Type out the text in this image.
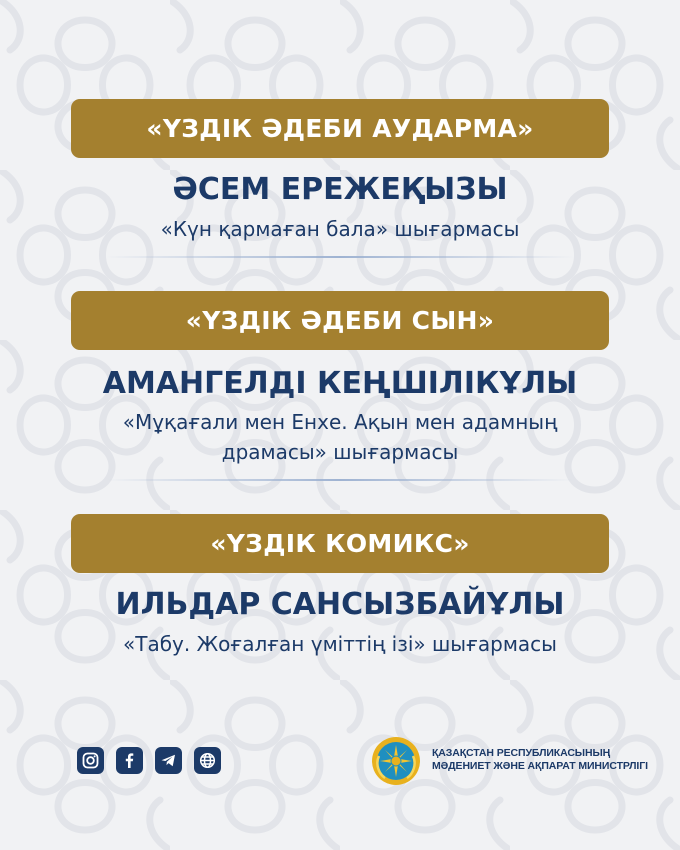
«ҮЗДІК ӘДЕБИ АУДАРМА»
ӘСЕМ ЕРЕЖЕҚЫЗЫ
«Күн қармаған бала» шығармасы
«ҮЗДІК ӘДЕБИ СЫН»
АМАНГЕЛДІ КЕҢШІЛІКҰЛЫ
«Мұқағали мен Енхе. Ақын мен адамның
драмасы» шығармасы
«ҮЗДІК КОМИКС»
ИЛЬДАР САНСЫЗБАЙҰЛЫ
«Табу. Жоғалған үміттің ізі» шығармасы
ҚАЗАҚСТАН РЕСПУБЛИКАСЫНЫҢ
МӘДЕНИЕТ ЖӘНЕ АҚПАРАТ МИНИСТРЛІГІ
